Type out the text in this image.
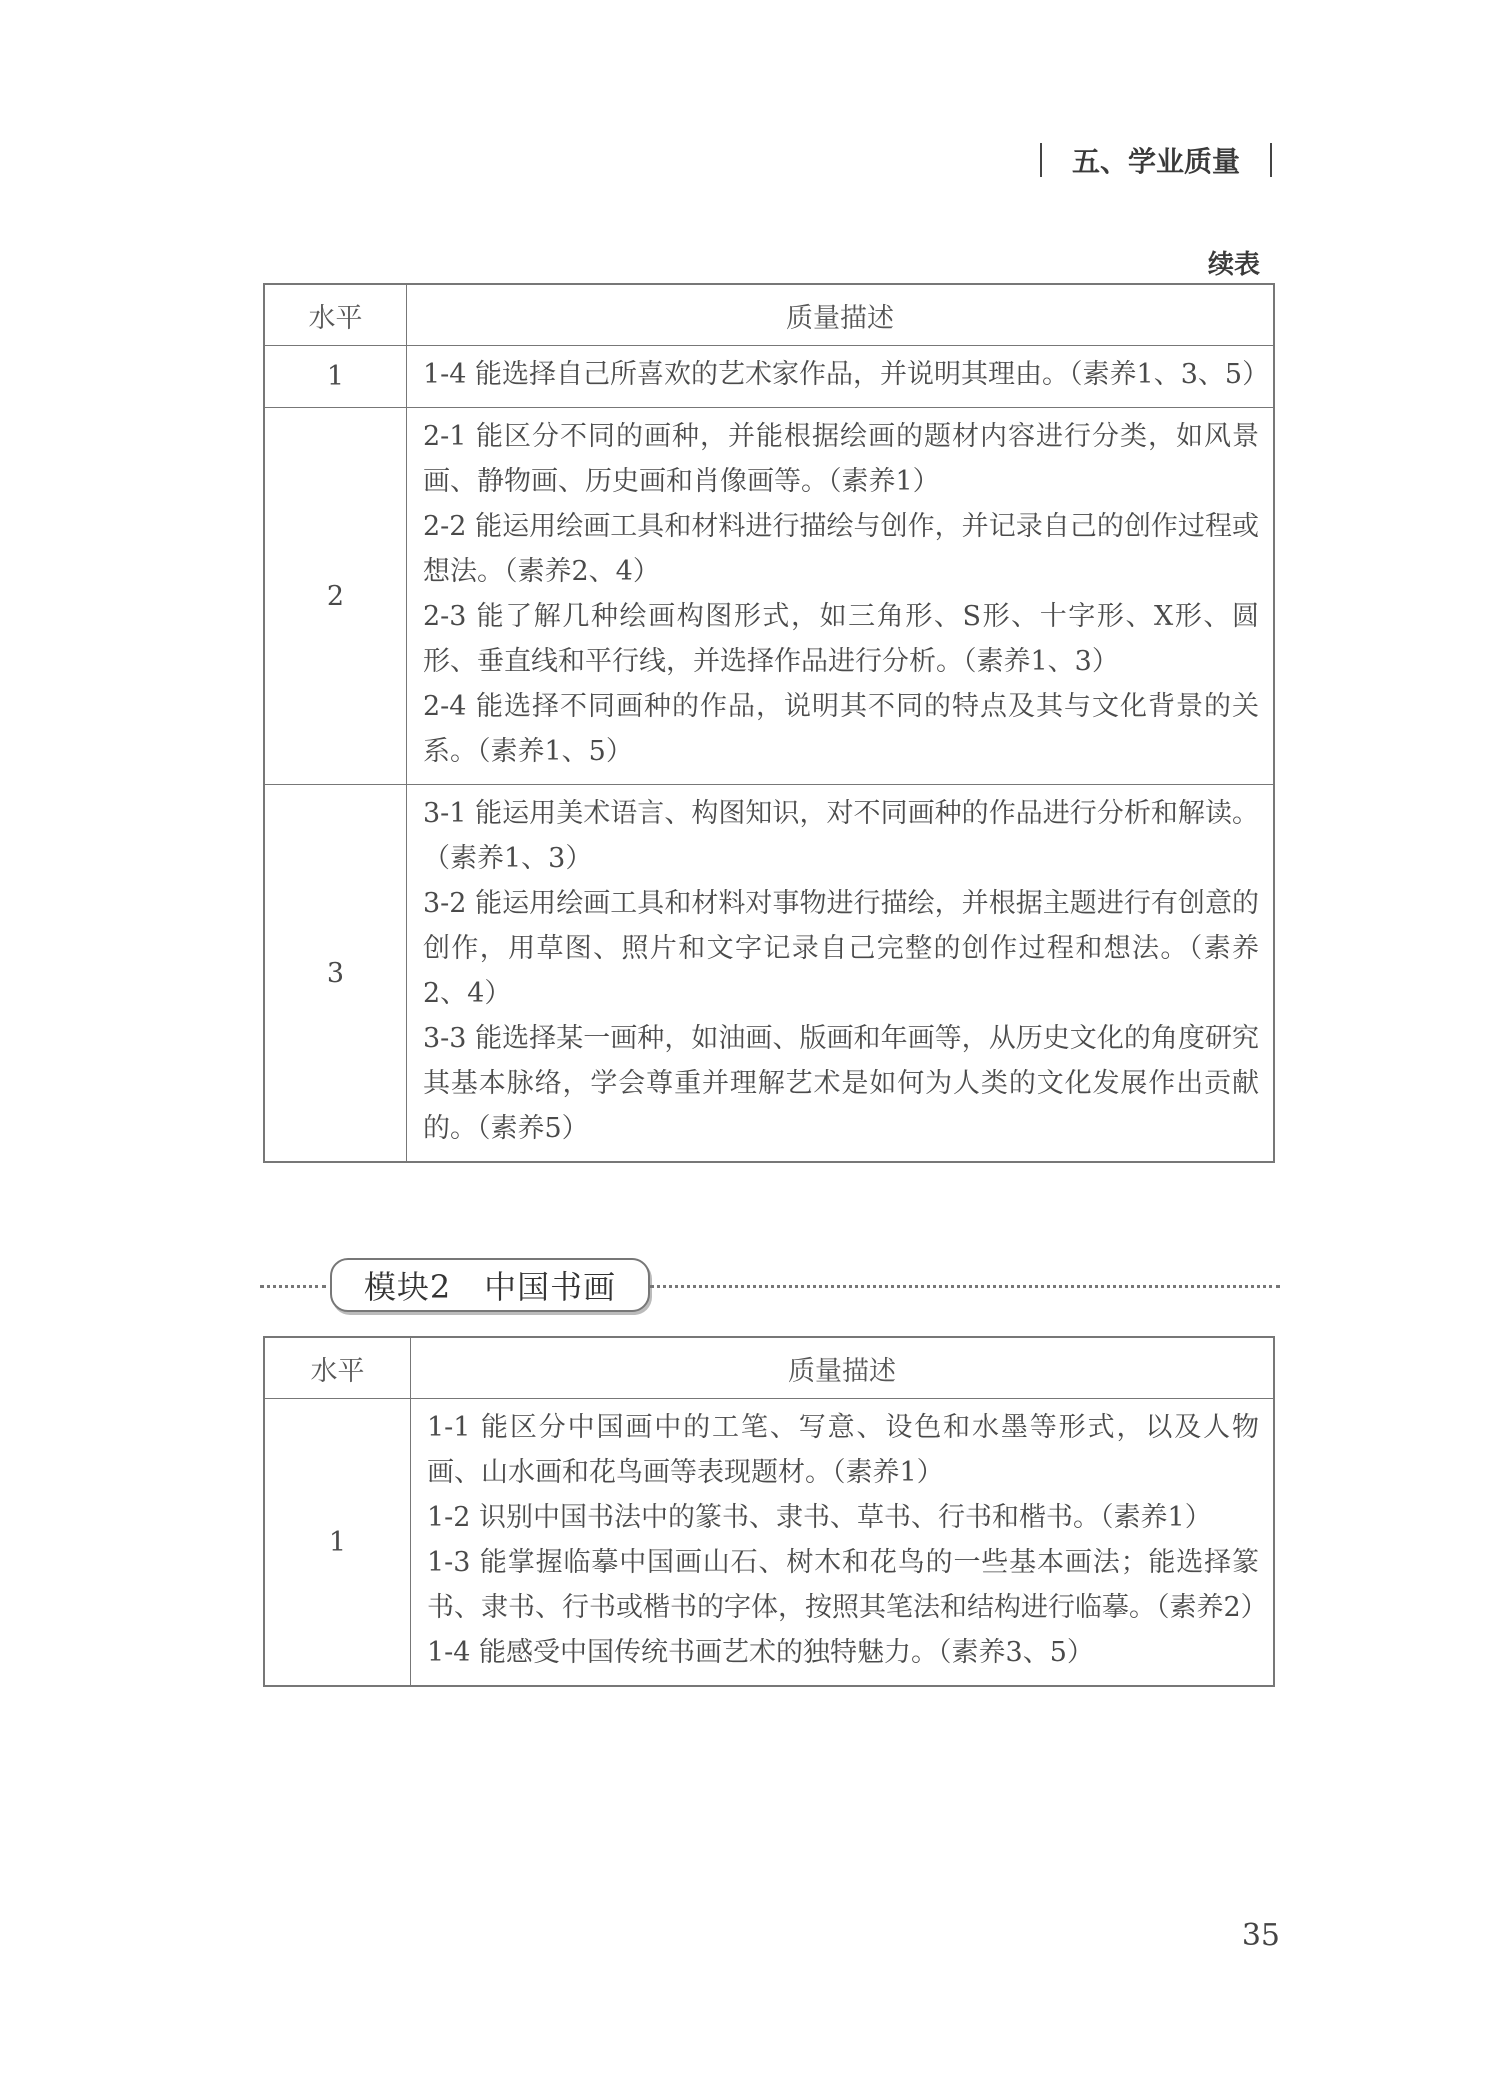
五、学业质量
续表
水平	质量描述
1	1-4 能选择自己所喜欢的艺术家作品，并说明其理由。（素养1、3、5）

2	2-1 能区分不同的画种，并能根据绘画的题材内容进行分类，如风景画、静物画、历史画和肖像画等。（素养1）
2-2 能运用绘画工具和材料进行描绘与创作，并记录自己的创作过程或想法。（素养2、4）
2-3 能了解几种绘画构图形式，如三角形、S形、十字形、X形、圆形、垂直线和平行线，并选择作品进行分析。（素养1、3）
2-4 能选择不同画种的作品，说明其不同的特点及其与文化背景的关系。（素养1、5）

3	3-1 能运用美术语言、构图知识，对不同画种的作品进行分析和解读。（素养1、3）
3-2 能运用绘画工具和材料对事物进行描绘，并根据主题进行有创意的创作，用草图、照片和文字记录自己完整的创作过程和想法。（素养2、4）
3-3 能选择某一画种，如油画、版画和年画等，从历史文化的角度研究其基本脉络，学会尊重并理解艺术是如何为人类的文化发展作出贡献的。（素养5）
模块2　中国书画
水平	质量描述
1	1-1 能区分中国画中的工笔、写意、设色和水墨等形式，以及人物画、山水画和花鸟画等表现题材。（素养1）
1-2 识别中国书法中的篆书、隶书、草书、行书和楷书。（素养1）
1-3 能掌握临摹中国画山石、树木和花鸟的一些基本画法；能选择篆书、隶书、行书或楷书的字体，按照其笔法和结构进行临摹。（素养2）
1-4 能感受中国传统书画艺术的独特魅力。（素养3、5）
35
